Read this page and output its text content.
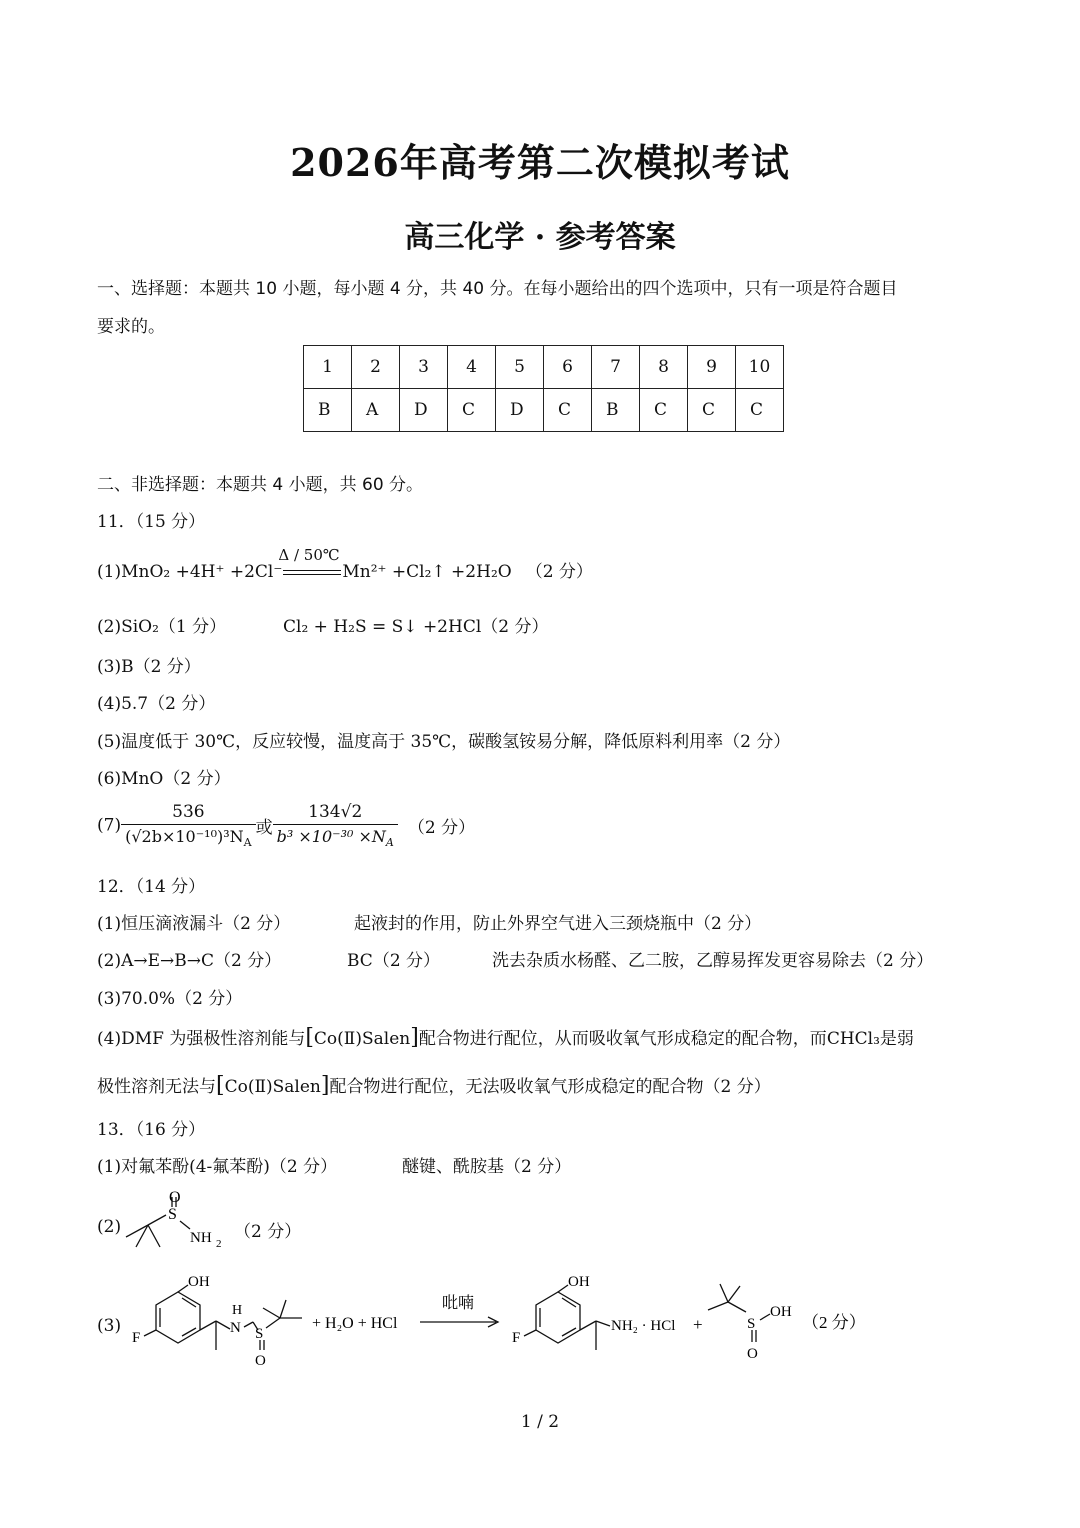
2026年高考第二次模拟考试
高三化学 · 参考答案
一、选择题：本题共 10 小题，每小题 4 分，共 40 分。在每小题给出的四个选项中，只有一项是符合题目
要求的。
1	2	3	4	5	6	7	8	9	10
B	A	D	C	D	C	B	C	C	C
二、非选择题：本题共 4 小题，共 60 分。
11．（15 分）
(1)MnO₂ +4H⁺ +2Cl⁻
Δ / 50℃
Mn²⁺ +Cl₂↑ +2H₂O （2 分）
(2)SiO₂（1 分）	Cl₂ + H₂S = S↓ +2HCl（2 分）
(3)B（2 分）
(4)5.7（2 分）
(5)温度低于 30℃，反应较慢，温度高于 35℃，碳酸氢铵易分解，降低原料利用率（2 分）
(6)MnO（2 分）
$(7) \frac{536}{(√2b\times 10^{-10})^3N_A}$ 或 $\frac{134√2}{b^3 \times 10^{-30} \times N_A} (2$ 分）
12．（14 分）
(1)恒压滴液漏斗（2 分）	起液封的作用，防止外界空气进入三颈烧瓶中（2 分）
(2)A→E→B→C（2 分）	BC（2 分）	洗去杂质水杨醛、乙二胺，乙醇易挥发更容易除去（2 分）
(3)70.0%（2 分）
(4)DMF 为强极性溶剂能与[Co(Ⅱ)Salen]配合物进行配位，从而吸收氧气形成稳定的配合物，而CHCl₃是弱
极性溶剂无法与[Co(Ⅱ)Salen]配合物进行配位，无法吸收氧气形成稳定的配合物（2 分）
13．（16 分）
(1)对氟苯酚(4-氟苯酚)（2 分）	醚键、酰胺基（2 分）
(2)
O
S
NH 2
（2 分）
(3)
OH
F
H
N S
O
+ H₂O + HCl
吡喃
OH
F
NH₂ · HCl +	S
O
OH
（2 分）
1 / 2
